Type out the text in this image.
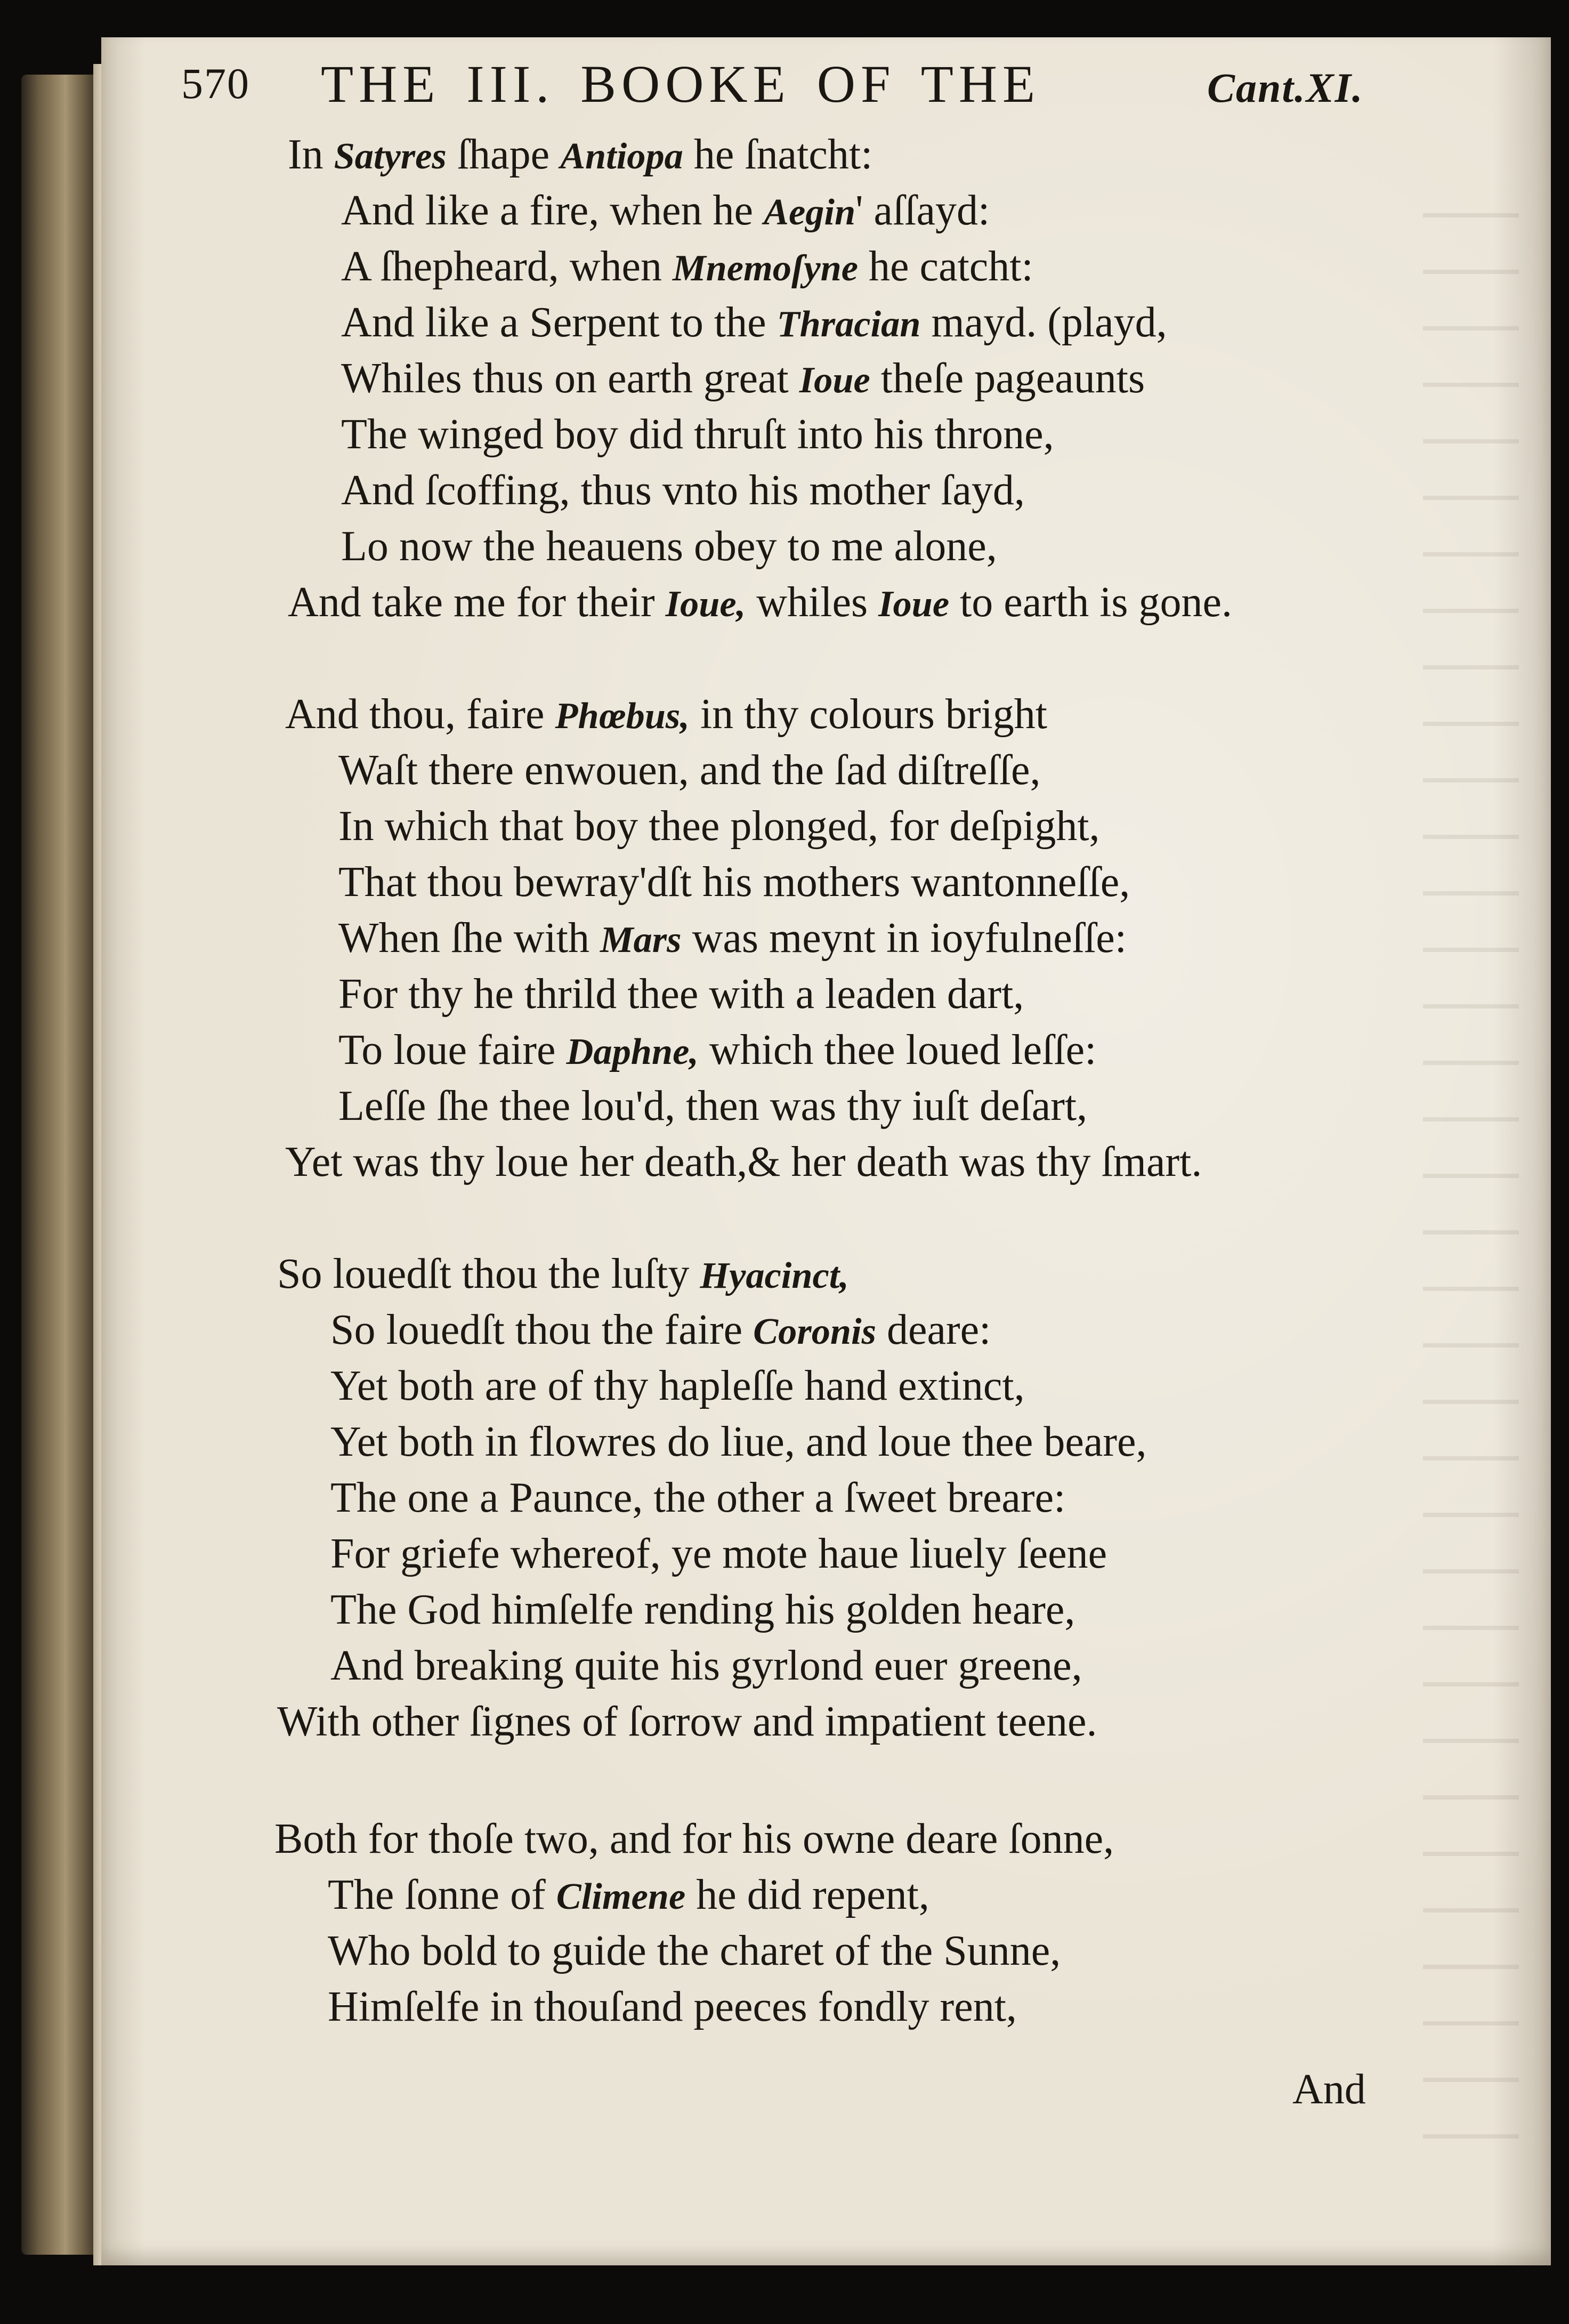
570 THE III. BOOKE OF THE	Cant.XI.
In Satyres ſhape Antiopa he ſnatcht:
And like a fire, when he Aegin' aſſayd:
A ſhepheard, when Mnemoſyne he catcht:
And like a Serpent to the Thracian mayd. (playd,
Whiles thus on earth great Ioue theſe pageaunts
The winged boy did thruſt into his throne,
And ſcoffing, thus vnto his mother ſayd,
Lo now the heauens obey to me alone,
And take me for their Ioue, whiles Ioue to earth is gone.
And thou, faire Phœbus, in thy colours bright
Waſt there enwouen, and the ſad diſtreſſe,
In which that boy thee plonged, for deſpight,
That thou bewray'dſt his mothers wantonneſſe,
When ſhe with Mars was meynt in ioyfulneſſe:
For thy he thrild thee with a leaden dart,
To loue faire Daphne, which thee loued leſſe:
Leſſe ſhe thee lou'd, then was thy iuſt deſart,
Yet was thy loue her death,& her death was thy ſmart.
So louedſt thou the luſty Hyacinct,
So louedſt thou the faire Coronis deare:
Yet both are of thy hapleſſe hand extinct,
Yet both in flowres do liue, and loue thee beare,
The one a Paunce, the other a ſweet breare:
For griefe whereof, ye mote haue liuely ſeene
The God himſelfe rending his golden heare,
And breaking quite his gyrlond euer greene,
With other ſignes of ſorrow and impatient teene.
Both for thoſe two, and for his owne deare ſonne,
The ſonne of Climene he did repent,
Who bold to guide the charet of the Sunne,
Himſelfe in thouſand peeces fondly rent,
And
